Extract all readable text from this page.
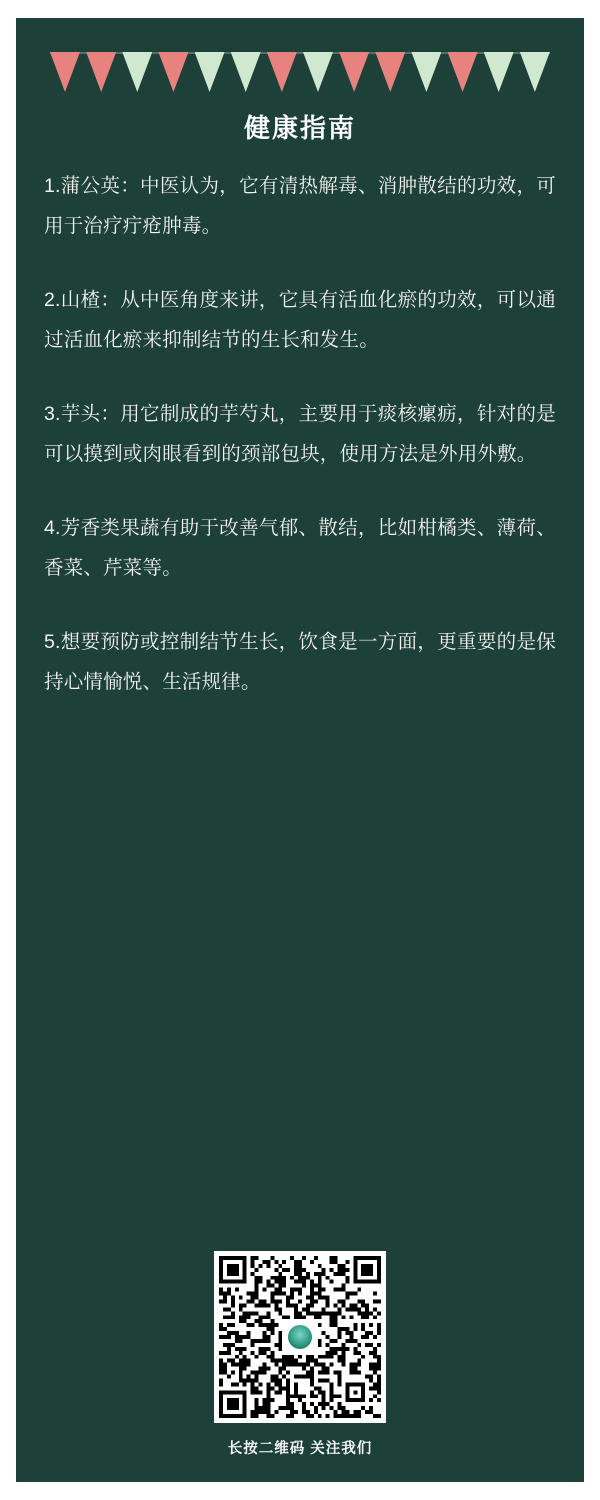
健康指南

1.蒲公英：中医认为，它有清热解毒、消肿散结的功效，可用于治疗疔疮肿毒。

2.山楂：从中医角度来讲，它具有活血化瘀的功效，可以通过活血化瘀来抑制结节的生长和发生。

3.芋头：用它制成的芋芍丸，主要用于痰核瘰疬，针对的是可以摸到或肉眼看到的颈部包块，使用方法是外用外敷。

4.芳香类果蔬有助于改善气郁、散结，比如柑橘类、薄荷、香菜、芹菜等。

5.想要预防或控制结节生长，饮食是一方面，更重要的是保持心情愉悦、生活规律。

长按二维码 关注我们
